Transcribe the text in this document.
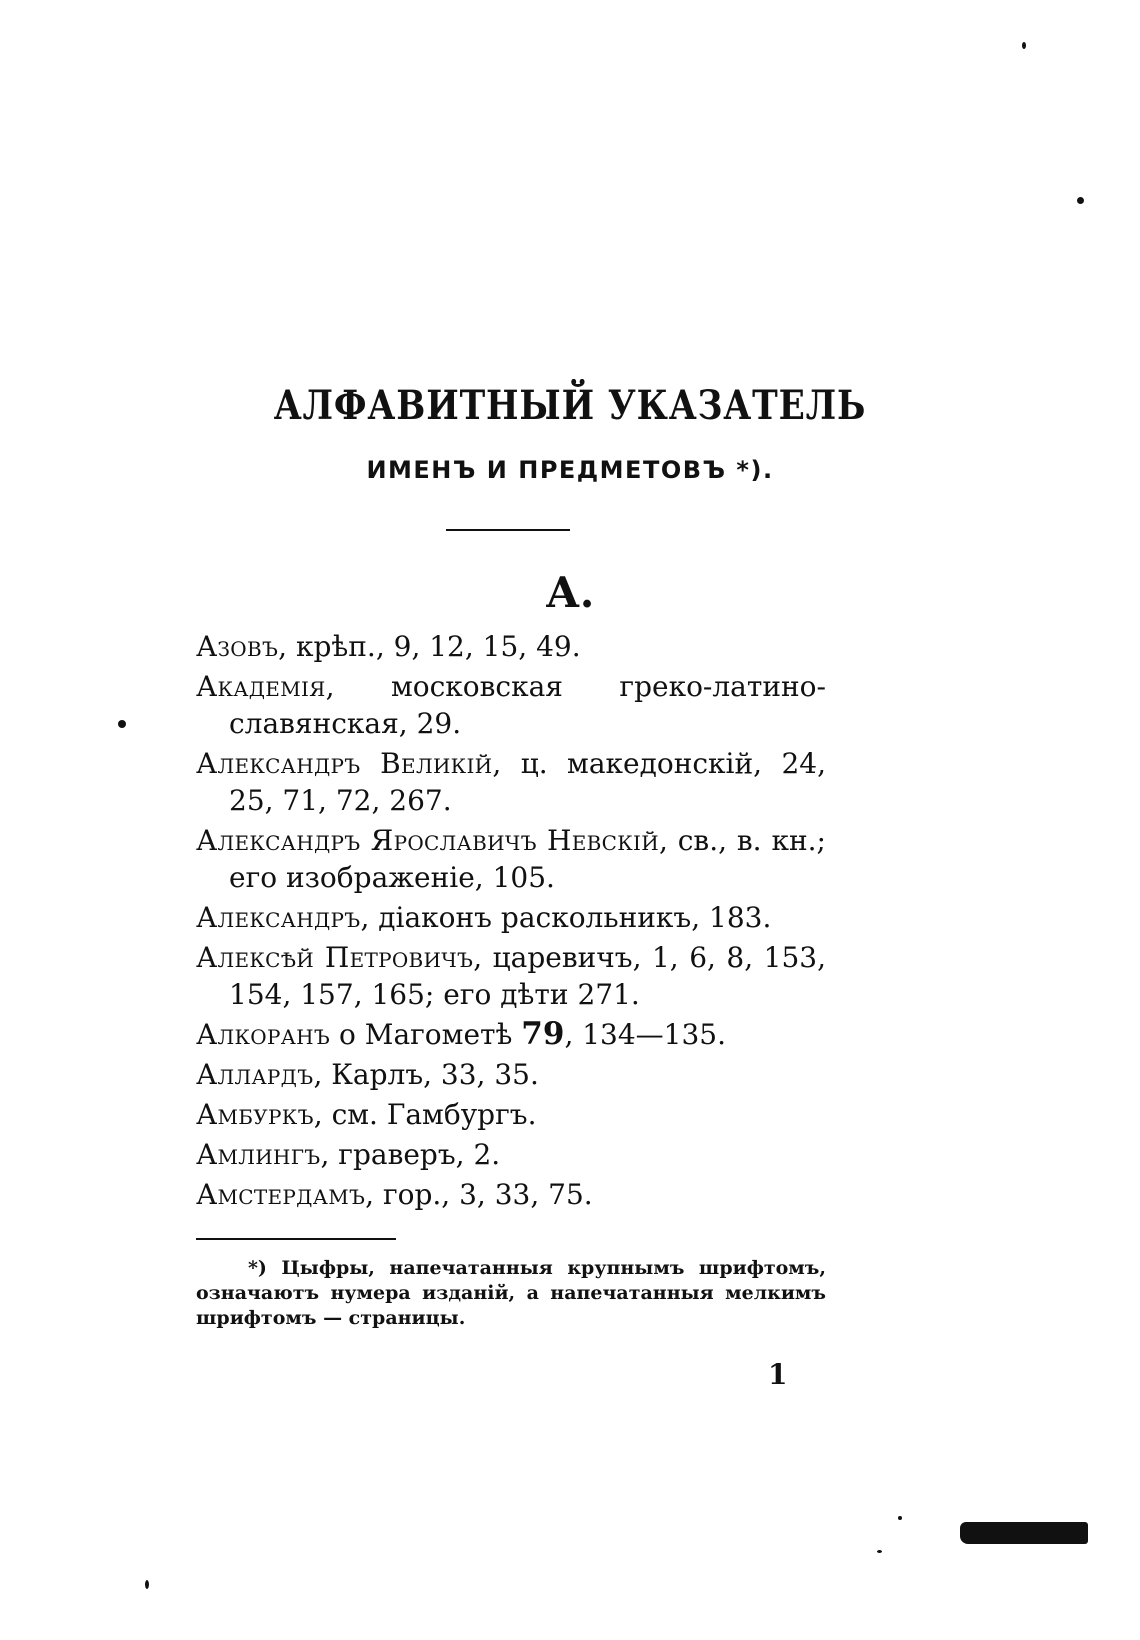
АЛФАВИТНЫЙ УКАЗАТЕЛЬ
ИМЕНЪ И ПРЕДМЕТОВЪ *).
А.
Азовъ, крѣп., 9, 12, 15, 49.
Академія, московская греко-латино-славянская, 29.
Александръ Великій, ц. македонскій, 24, 25, 71, 72, 267.
Александръ Ярославичъ Невскій, св., в. кн.; его изображеніе, 105.
Александръ, діаконъ раскольникъ, 183.
Алексѣй Петровичъ, царевичъ, 1, 6, 8, 153, 154, 157, 165; его дѣти 271.
Алкоранъ о Магометѣ 79, 134—135.
Аллардъ, Карлъ, 33, 35.
Амбуркъ, см. Гамбургъ.
Амлингъ, граверъ, 2.
Амстердамъ, гор., 3, 33, 75.

*) Цыфры, напечатанныя крупнымъ шрифтомъ, означаютъ нумера изданій, а напечатанныя мелкимъ шрифтомъ — страницы.

1
